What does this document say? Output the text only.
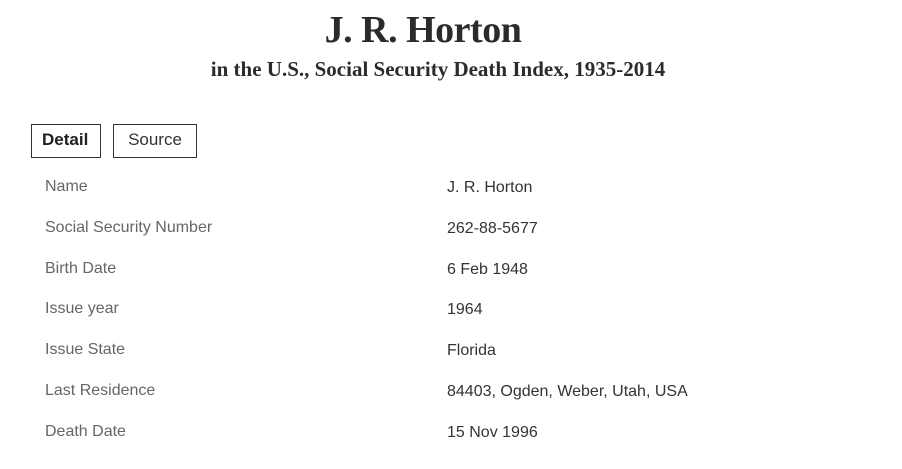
J. R. Horton
in the U.S., Social Security Death Index, 1935-2014
Detail	Source
Name	J. R. Horton
Social Security Number	262-88-5677
Birth Date	6 Feb 1948
Issue year	1964
Issue State	Florida
Last Residence	84403, Ogden, Weber, Utah, USA
Death Date	15 Nov 1996
